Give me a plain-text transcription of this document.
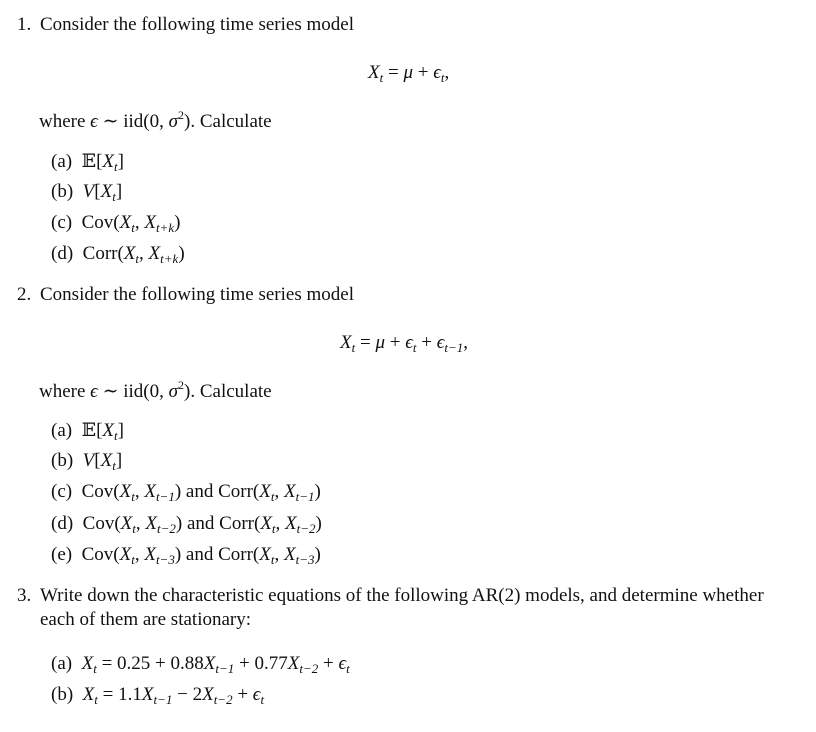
1. Consider the following time series model
$X_t = \mu + \epsilon_t$,
where ϵ ∼ iid(0, $\sigma^2$). Calculate
(a)  $𝔼[X_t]$
(b) $V[X_t]$
(c)  $Cov(X_t$, $X_{t+k}$)
(d)  $Corr(X_t$, $X_{t+k}$)
2. Consider the following time series model
$X_t = \mu + \epsilon_t + \epsilon_{t-1}$,
where ϵ ∼ iid(0, $\sigma^2$). Calculate
(a)  $𝔼[X_t]$
(b) $V[X_t]$
(c)  $Cov(X_t$, $X_{t-1}$) and $Corr(X_t$, $X_{t-1}$)
(d)  $Cov(X_t$, $X_{t-2}$) and $Corr(X_t$, $X_{t-2}$)
(e)  $Cov(X_t$, $X_{t-3}$) and $Corr(X_t$, $X_{t-3}$)
3. Write down the characteristic equations of the following AR(2) models, and determine whether
each of them are stationary:
(a) $X_t = 0.25 + 0.88X_{t-1} + 0.77X_{t-2} + \epsilon_t$
(b) $X_t = 1.1X_{t-1} - 2X_{t-2} + \epsilon_t$
